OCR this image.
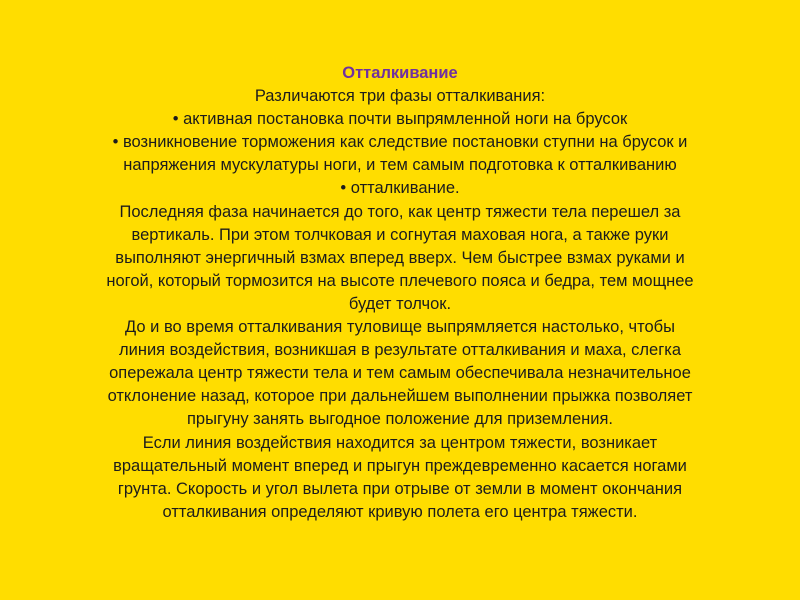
Отталкивание
Различаются три фазы отталкивания:
• активная постановка почти выпрямленной ноги на брусок
• возникновение торможения как следствие постановки ступни на брусок и
напряжения мускулатуры ноги, и тем самым подготовка к отталкиванию
• отталкивание.
Последняя фаза начинается до того, как центр тяжести тела перешел за
вертикаль. При этом толчковая и согнутая маховая нога, а также руки
выполняют энергичный взмах вперед вверх. Чем быстрее взмах руками и
ногой, который тормозится на высоте плечевого пояса и бедра, тем мощнее
будет толчок.
До и во время отталкивания туловище выпрямляется настолько, чтобы
линия воздействия, возникшая в результате отталкивания и маха, слегка
опережала центр тяжести тела и тем самым обеспечивала незначительное
отклонение назад, которое при дальнейшем выполнении прыжка позволяет
прыгуну занять выгодное положение для приземления.
Если линия воздействия находится за центром тяжести, возникает
вращательный момент вперед и прыгун преждевременно касается ногами
грунта. Скорость и угол вылета при отрыве от земли в момент окончания
отталкивания определяют кривую полета его центра тяжести.
